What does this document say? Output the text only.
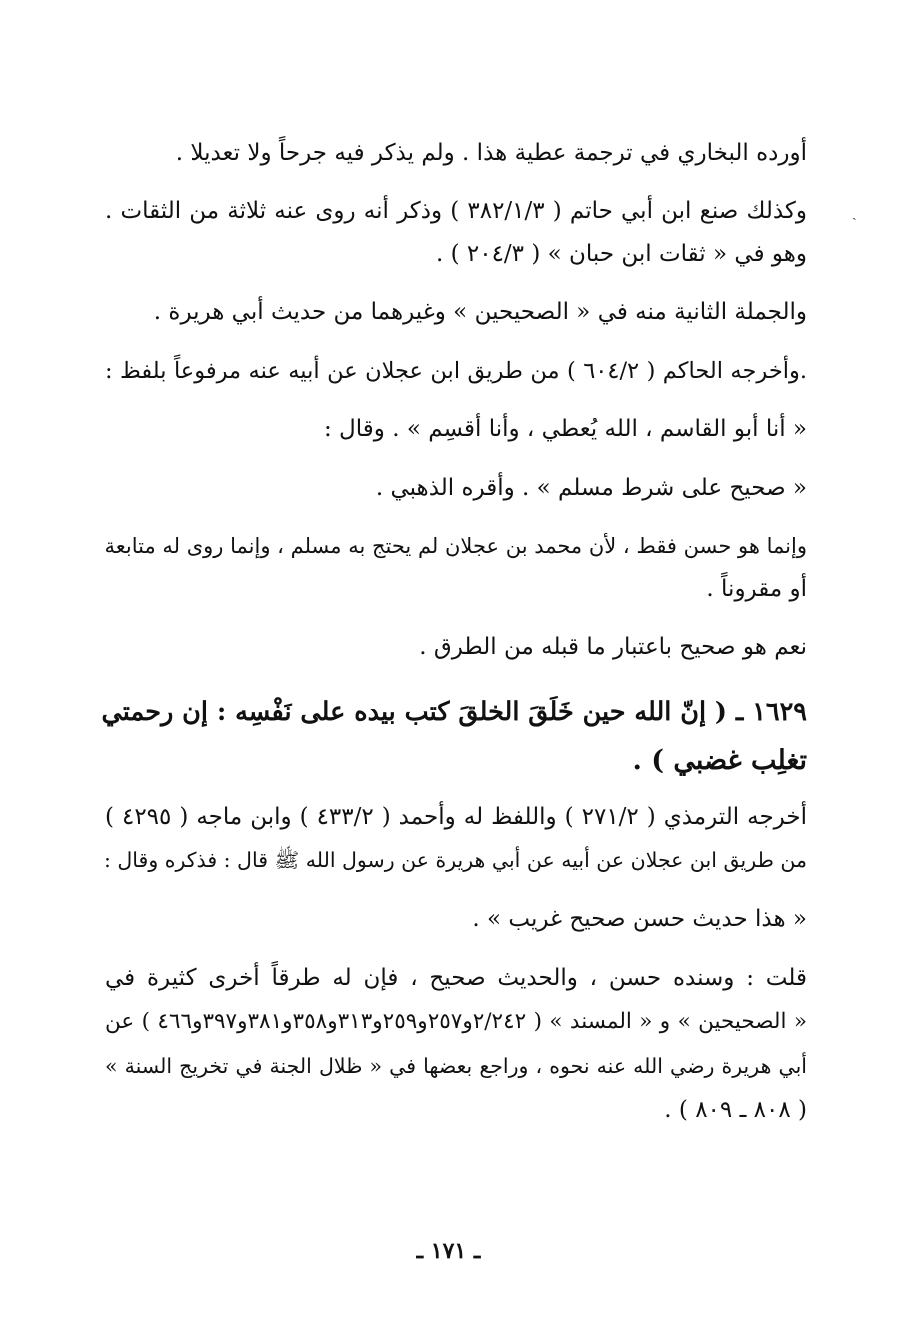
ˎ
أورده البخاري في ترجمة عطية هذا . ولم يذكر فيه جرحاً ولا تعديلا .
وكذلك صنع ابن أبي حاتم ( ٣٨٢/١/٣ ) وذكر أنه روى عنه ثلاثة من الثقات .
وهو في « ثقات ابن حبان » ( ٢٠٤/٣ ) .
والجملة الثانية منه في « الصحيحين » وغيرهما من حديث أبي هريرة .
.وأخرجه الحاكم ( ٦٠٤/٢ ) من طريق ابن عجلان عن أبيه عنه مرفوعاً بلفظ :
« أنا أبو القاسم ، الله يُعطي ، وأنا أقسِم » . وقال :
« صحيح على شرط مسلم » . وأقره الذهبي .
وإنما هو حسن فقط ، لأن محمد بن عجلان لم يحتج به مسلم ، وإنما روى له متابعة
أو مقروناً .
نعم هو صحيح باعتبار ما قبله من الطرق .
١٦٢٩ ـ ( إنّ الله حين خَلَقَ الخلقَ كتب بيده على نَفْسِه : إن رحمتي
تغلِب غضبي ) .
أخرجه الترمذي ( ٢٧١/٢ ) واللفظ له وأحمد ( ٤٣٣/٢ ) وابن ماجه ( ٤٢٩٥ )
من طريق ابن عجلان عن أبيه عن أبي هريرة عن رسول الله ﷺ قال : فذكره وقال :
« هذا حديث حسن صحيح غريب » .
قلت : وسنده حسن ، والحديث صحيح ، فإن له طرقاً أخرى كثيرة في
« الصحيحين » و « المسند » ( ٢/٢٤٢و٢٥٧و٢٥٩و٣١٣و٣٥٨و٣٨١و٣٩٧و٤٦٦ ) عن
أبي هريرة رضي الله عنه نحوه ، وراجع بعضها في « ظلال الجنة في تخريج السنة »
( ٨٠٨ ـ ٨٠٩ ) .
ـ ١٧١ ـ
